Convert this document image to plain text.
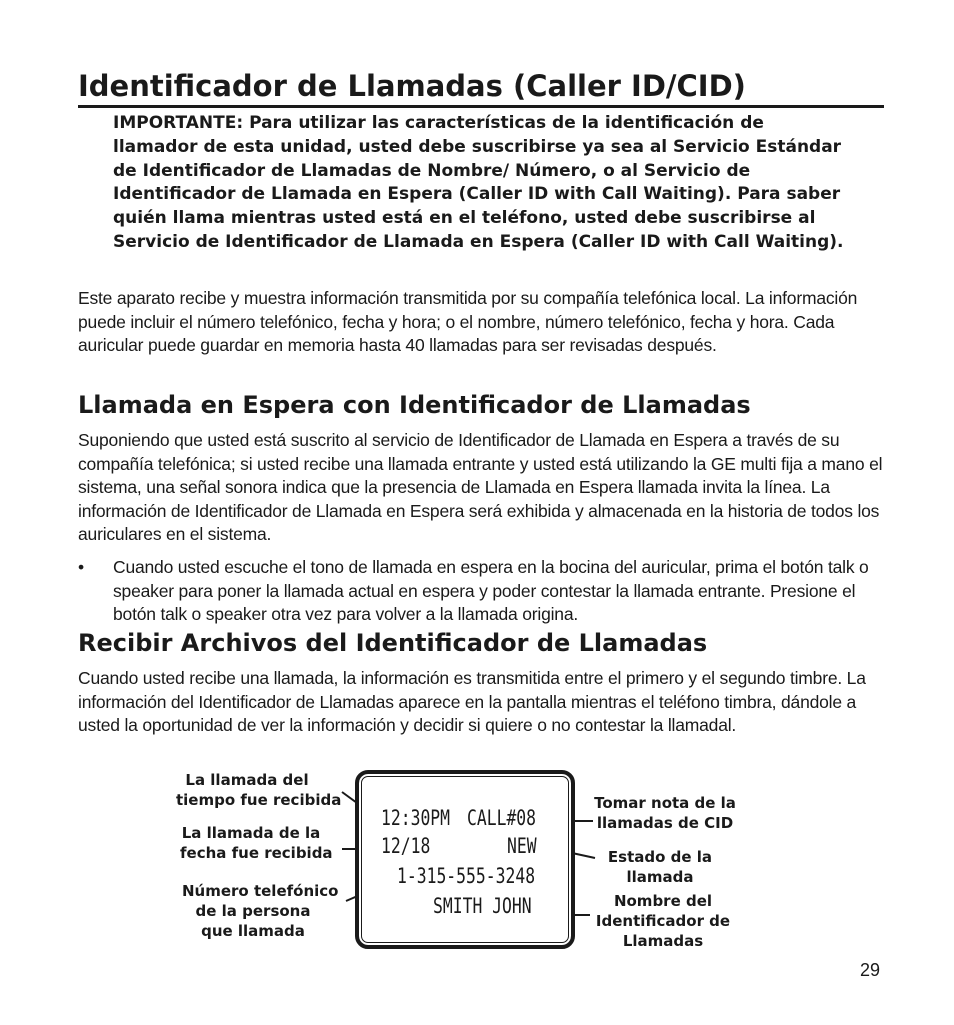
Identificador de Llamadas (Caller ID/CID)

IMPORTANTE: Para utilizar las características de la identificación de llamador de esta unidad, usted debe suscribirse ya sea al Servicio Estándar de Identificador de Llamadas de Nombre/ Número, o al Servicio de Identificador de Llamada en Espera (Caller ID with Call Waiting). Para saber quién llama mientras usted está en el teléfono, usted debe suscribirse al Servicio de Identificador de Llamada en Espera (Caller ID with Call Waiting).

Este aparato recibe y muestra información transmitida por su compañía telefónica local. La información puede incluir el número telefónico, fecha y hora; o el nombre, número telefónico, fecha y hora. Cada auricular puede guardar en memoria hasta 40 llamadas para ser revisadas después.

Llamada en Espera con Identificador de Llamadas

Suponiendo que usted está suscrito al servicio de Identificador de Llamada en Espera a través de su compañía telefónica; si usted recibe una llamada entrante y usted está utilizando la GE multi fija a mano el sistema, una señal sonora indica que la presencia de Llamada en Espera llamada invita la línea. La información de Identificador de Llamada en Espera será exhibida y almacenada en la historia de todos los auriculares en el sistema.

• Cuando usted escuche el tono de llamada en espera en la bocina del auricular, prima el botón talk o speaker para poner la llamada actual en espera y poder contestar la llamada entrante. Presione el botón talk o speaker otra vez para volver a la llamada origina.
Recibir Archivos del Identificador de Llamadas

Cuando usted recibe una llamada, la información es transmitida entre el primero y el segundo timbre. La información del Identificador de Llamadas aparece en la pantalla mientras el teléfono timbra, dándole a usted la oportunidad de ver la información y decidir si quiere o no contestar la llamadal.

12:30PM CALL#08
12/18	NEW
1-315-555-3248
SMITH JOHN
La llamada del
tiempo fue recibida
La llamada de la
fecha fue recibida
Número telefónico
de la persona
que llamada
Tomar nota de la
llamadas de CID
Estado de la
llamada
Nombre del
Identificador de
Llamadas
29
